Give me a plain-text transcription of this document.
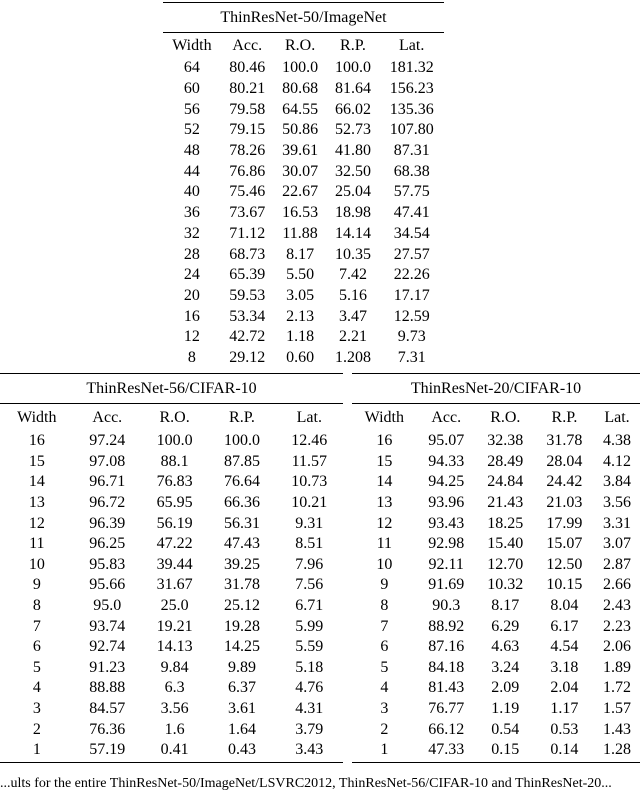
ThinResNet-50/ImageNet				
Width	Acc.	R.O.	R.P.	Lat.
64	80.46	100.0	100.0	181.32
60	80.21	80.68	81.64	156.23
56	79.58	64.55	66.02	135.36
52	79.15	50.86	52.73	107.80
48	78.26	39.61	41.80	87.31
44	76.86	30.07	32.50	68.38
40	75.46	22.67	25.04	57.75
36	73.67	16.53	18.98	47.41
32	71.12	11.88	14.14	34.54
28	68.73	8.17	10.35	27.57
24	65.39	5.50	7.42	22.26
20	59.53	3.05	5.16	17.17
16	53.34	2.13	3.47	12.59
12	42.72	1.18	2.21	9.73
8	29.12	0.60	1.208	7.31
ThinResNet-56/CIFAR-10				
Width	Acc.	R.O.	R.P.	Lat.
16	97.24	100.0	100.0	12.46
15	97.08	88.1	87.85	11.57
14	96.71	76.83	76.64	10.73
13	96.72	65.95	66.36	10.21
12	96.39	56.19	56.31	9.31
11	96.25	47.22	47.43	8.51
10	95.83	39.44	39.25	7.96
9	95.66	31.67	31.78	7.56
8	95.0	25.0	25.12	6.71
7	93.74	19.21	19.28	5.99
6	92.74	14.13	14.25	5.59
5	91.23	9.84	9.89	5.18
4	88.88	6.3	6.37	4.76
3	84.57	3.56	3.61	4.31
2	76.36	1.6	1.64	3.79
1	57.19	0.41	0.43	3.43
ThinResNet-20/CIFAR-10				
Width	Acc.	R.O.	R.P.	Lat.
16	95.07	32.38	31.78	4.38
15	94.33	28.49	28.04	4.12
14	94.25	24.84	24.42	3.84
13	93.96	21.43	21.03	3.56
12	93.43	18.25	17.99	3.31
11	92.98	15.40	15.07	3.07
10	92.11	12.70	12.50	2.87
9	91.69	10.32	10.15	2.66
8	90.3	8.17	8.04	2.43
7	88.92	6.29	6.17	2.23
6	87.16	4.63	4.54	2.06
5	84.18	3.24	3.18	1.89
4	81.43	2.09	2.04	1.72
3	76.77	1.19	1.17	1.57
2	66.12	0.54	0.53	1.43
1	47.33	0.15	0.14	1.28
...ults for the entire ThinResNet-50/ImageNet/LSVRC2012, ThinResNet-56/CIFAR-10 and ThinResNet-20...
